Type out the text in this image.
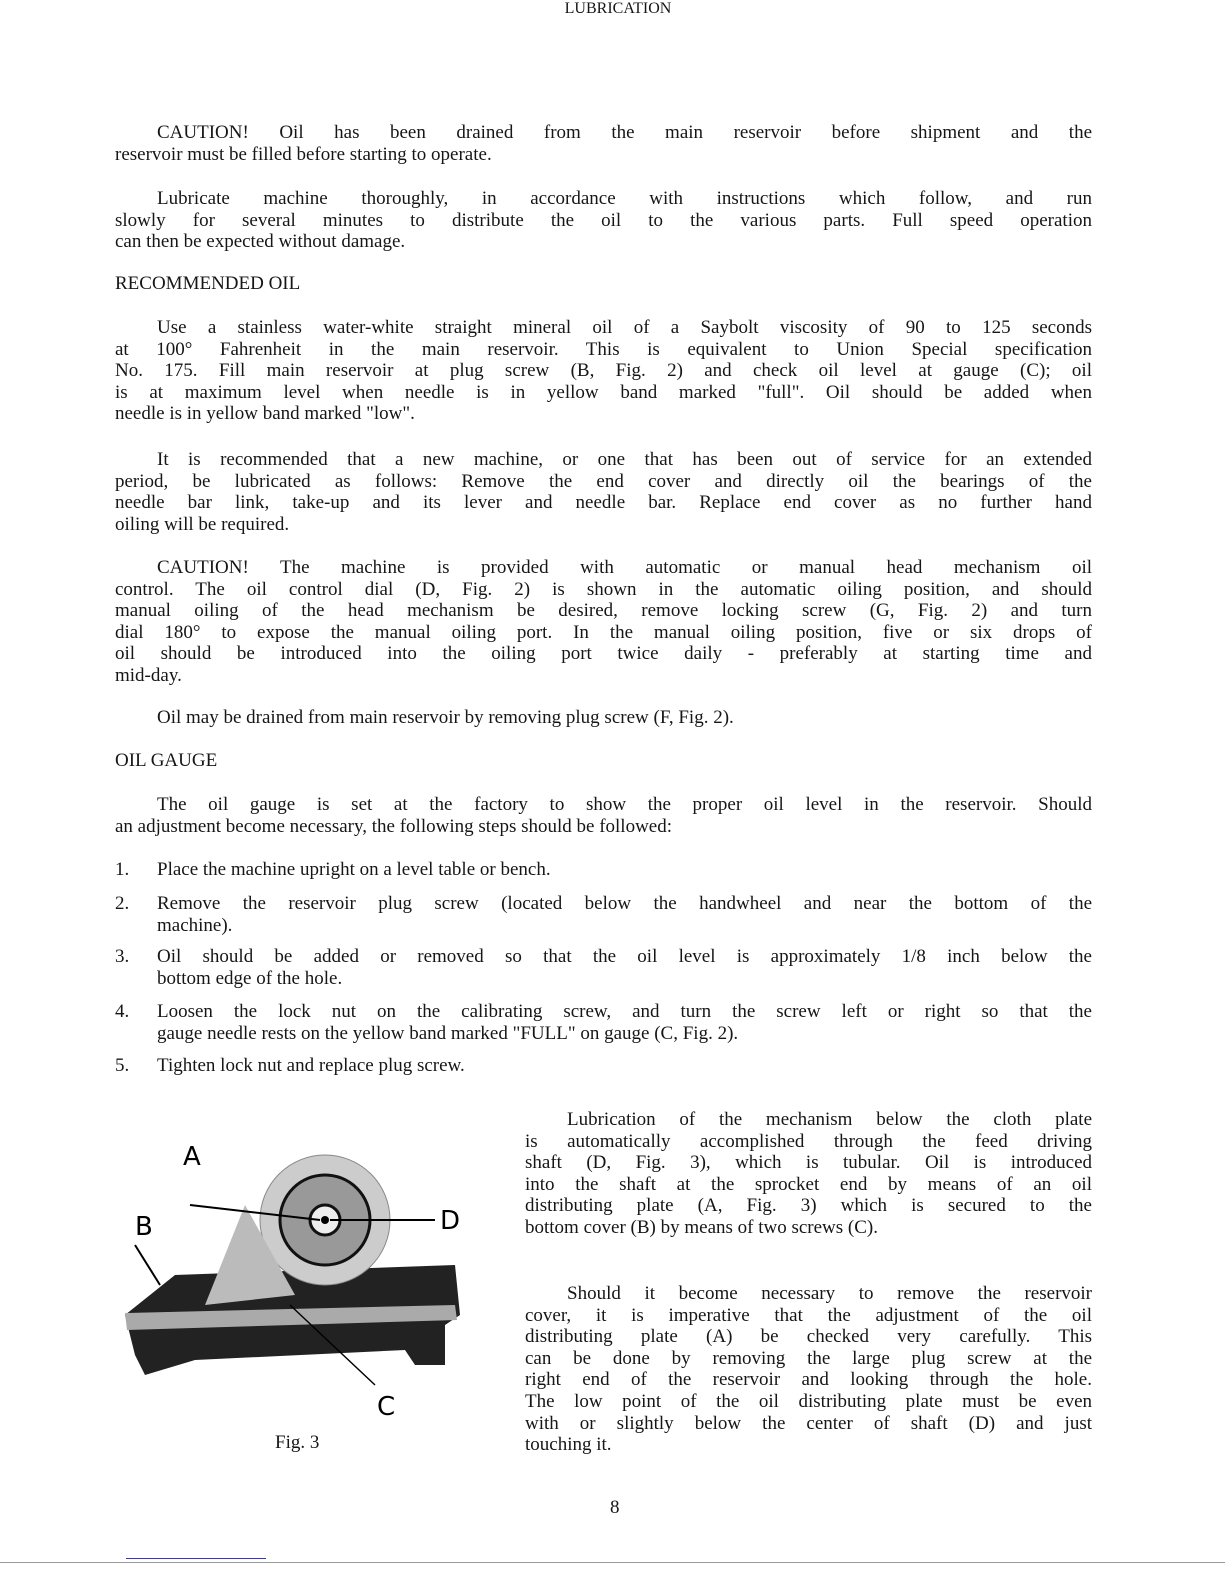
LUBRICATION
RECOMMENDED OIL
OIL GAUGE
CAUTION! Oil has been drained from the main reservoir before shipment and the
reservoir must be filled before starting to operate.
Lubricate machine thoroughly, in accordance with instructions which follow, and run
slowly for several minutes to distribute the oil to the various parts. Full speed operation
can then be expected without damage.
Use a stainless water-white straight mineral oil of a Saybolt viscosity of 90 to 125 seconds
at 100° Fahrenheit in the main reservoir. This is equivalent to Union Special specification
No. 175. Fill main reservoir at plug screw (B, Fig. 2) and check oil level at gauge (C); oil
is at maximum level when needle is in yellow band marked "full". Oil should be added when
needle is in yellow band marked "low".
It is recommended that a new machine, or one that has been out of service for an extended
period, be lubricated as follows: Remove the end cover and directly oil the bearings of the
needle bar link, take-up and its lever and needle bar. Replace end cover as no further hand
oiling will be required.
CAUTION! The machine is provided with automatic or manual head mechanism oil
control. The oil control dial (D, Fig. 2) is shown in the automatic oiling position, and should
manual oiling of the head mechanism be desired, remove locking screw (G, Fig. 2) and turn
dial 180° to expose the manual oiling port. In the manual oiling position, five or six drops of
oil should be introduced into the oiling port twice daily - preferably at starting time and
mid-day.
Oil may be drained from main reservoir by removing plug screw (F, Fig. 2).
The oil gauge is set at the factory to show the proper oil level in the reservoir. Should
an adjustment become necessary, the following steps should be followed:
1. Place the machine upright on a level table or bench.
2. Remove the reservoir plug screw (located below the handwheel and near the bottom of the
machine).
3. Oil should be added or removed so that the oil level is approximately 1/8 inch below the
bottom edge of the hole.
4. Loosen the lock nut on the calibrating screw, and turn the screw left or right so that the
gauge needle rests on the yellow band marked "FULL" on gauge (C, Fig. 2).
5. Tighten lock nut and replace plug screw.
Lubrication of the mechanism below the cloth plate
is automatically accomplished through the feed driving
shaft (D, Fig. 3), which is tubular. Oil is introduced
into the shaft at the sprocket end by means of an oil
distributing plate (A, Fig. 3) which is secured to the
bottom cover (B) by means of two screws (C).
Should it become necessary to remove the reservoir
cover, it is imperative that the adjustment of the oil
distributing plate (A) be checked very carefully. This
can be done by removing the large plug screw at the
right end of the reservoir and looking through the hole.
The low point of the oil distributing plate must be even
with or slightly below the center of shaft (D) and just
touching it.
A
B
C
D
Fig. 3
8
